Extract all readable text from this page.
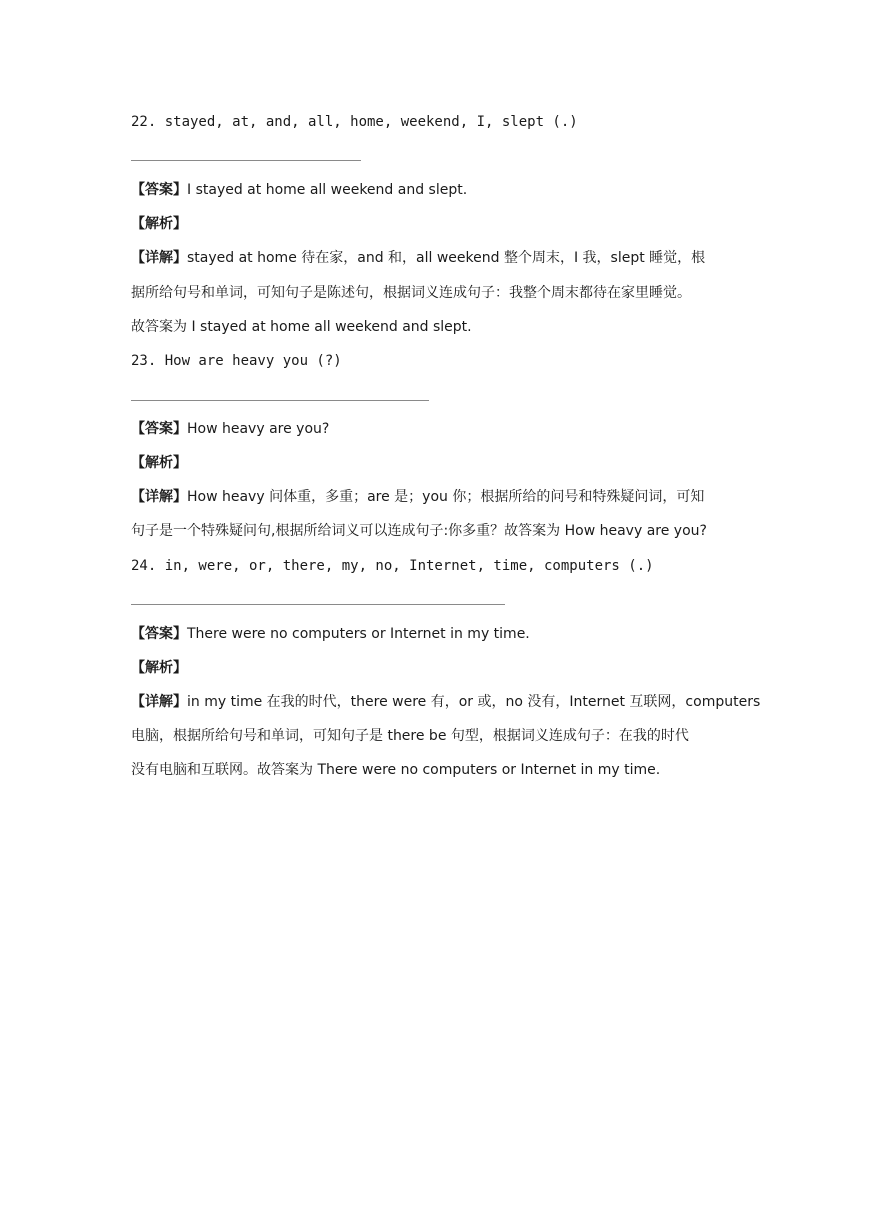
22. stayed, at, and, all, home, weekend, I, slept (.)
【答案】I stayed at home all weekend and slept.
【解析】
【详解】stayed at home 待在家，and 和，all weekend 整个周末，I 我，slept 睡觉，根
据所给句号和单词，可知句子是陈述句，根据词义连成句子：我整个周末都待在家里睡觉。
故答案为 I stayed at home all weekend and slept.
23. How are heavy you (?)
【答案】How heavy are you?
【解析】
【详解】How heavy 问体重，多重；are 是；you 你；根据所给的问号和特殊疑问词，可知
句子是一个特殊疑问句,根据所给词义可以连成句子:你多重？故答案为 How heavy are you?
24. in, were, or, there, my, no, Internet, time, computers (.)
【答案】There were no computers or Internet in my time.
【解析】
【详解】in my time 在我的时代，there were 有，or 或，no 没有，Internet 互联网，computers
电脑，根据所给句号和单词，可知句子是 there be 句型，根据词义连成句子：在我的时代
没有电脑和互联网。故答案为 There were no computers or Internet in my time.
